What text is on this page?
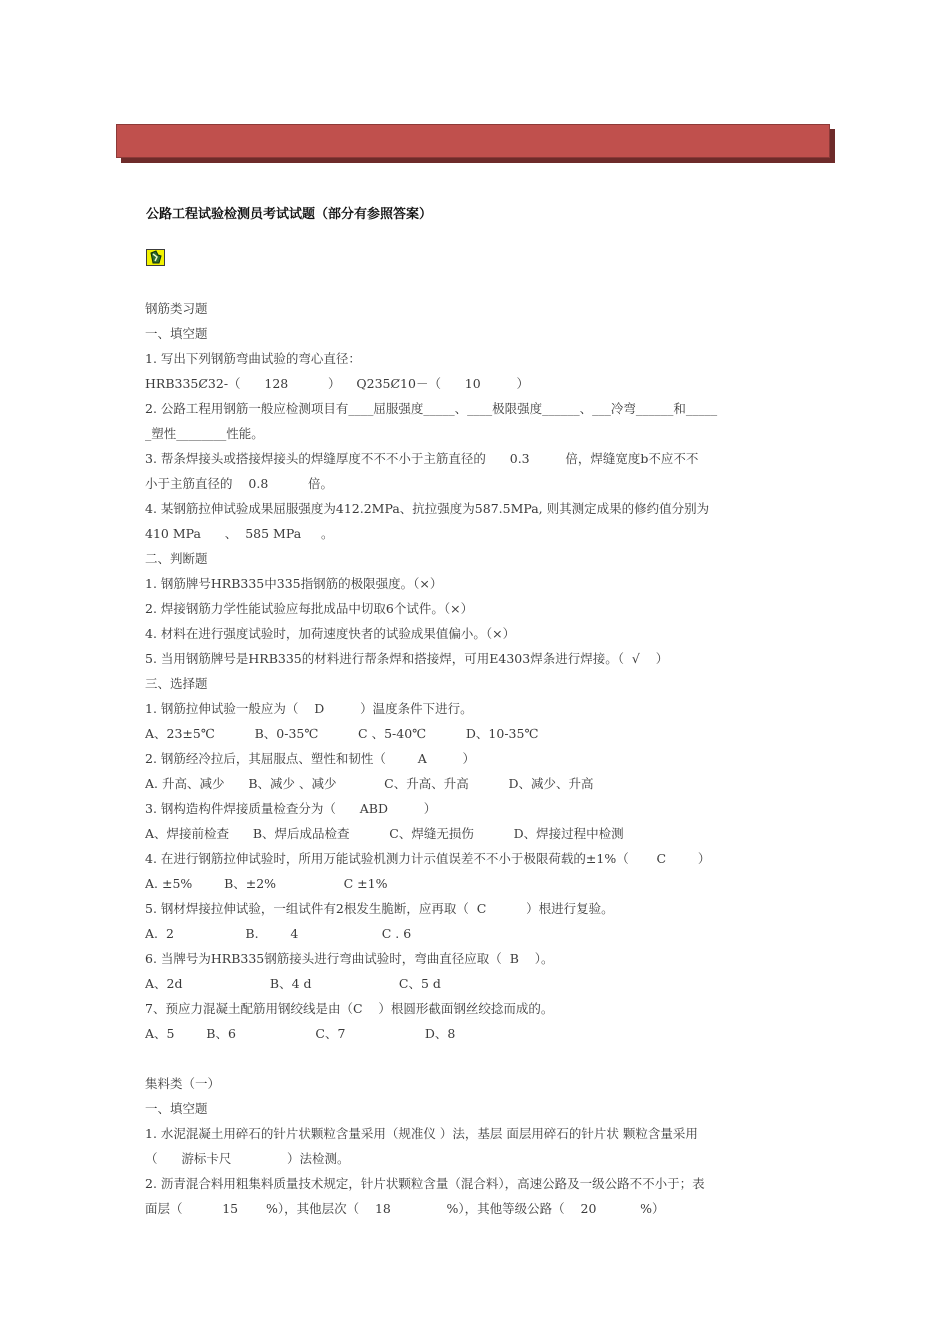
公路工程试验检测员考试试题（部分有参照答案）
钢筋类习题
一、填空题
1. 写出下列钢筋弯曲试验的弯心直径：
HRB335Ȼ32-（      128          ）    Q235Ȼ10－（      10         ）
2. 公路工程用钢筋一般应检测项目有____屈服强度_____、____极限强度______、___冷弯______和_____
_塑性________性能。
3. 帮条焊接头或搭接焊接头的焊缝厚度不不不小于主筋直径的      0.3         倍，焊缝宽度b不应不不
小于主筋直径的    0.8          倍。
4. 某钢筋拉伸试验成果屈服强度为412.2MPa、抗拉强度为587.5MPa, 则其测定成果的修约值分别为
410 MPa      、  585 MPa     。
二、判断题
1. 钢筋牌号HRB335中335指钢筋的极限强度。（×）
2. 焊接钢筋力学性能试验应每批成品中切取6个试件。（×）
4. 材料在进行强度试验时，加荷速度快者的试验成果值偏小。（×）
5. 当用钢筋牌号是HRB335的材料进行帮条焊和搭接焊，可用E4303焊条进行焊接。（  √    ）
三、选择题
1. 钢筋拉伸试验一般应为（    D         ）温度条件下进行。
A、23±5℃          B、0-35℃          C 、5-40℃          D、10-35℃
2. 钢筋经冷拉后，其屈服点、塑性和韧性（        A         ）
A. 升高、减少      B、减少 、减少            C、升高、升高          D、减少、升高
3. 钢构造构件焊接质量检查分为（      ABD         ）
A、焊接前检查      B、焊后成品检查          C、焊缝无损伤          D、焊接过程中检测
4. 在进行钢筋拉伸试验时，所用万能试验机测力计示值误差不不小于极限荷载的±1%（       C        ）
A. ±5%        B、±2%                 C ±1%
5. 钢材焊接拉伸试验，一组试件有2根发生脆断，应再取（  C          ）根进行复验。
A.  2                  B.        4                     C . 6
6. 当牌号为HRB335钢筋接头进行弯曲试验时，弯曲直径应取（  B    ）。
A、2d                      B、4 d                      C、5 d
7、预应力混凝土配筋用钢绞线是由（C    ）根圆形截面钢丝绞捻而成的。
A、5        B、6                    C、7                    D、8
集料类（一）
一、填空题
1. 水泥混凝土用碎石的针片状颗粒含量采用（规准仪 ）法，基层 面层用碎石的针片状 颗粒含量采用
（      游标卡尺              ）法检测。
2. 沥青混合料用粗集料质量技术规定，针片状颗粒含量（混合料），高速公路及一级公路不不小于；表
面层（          15       %），其他层次（    18              %），其他等级公路（    20           %）
